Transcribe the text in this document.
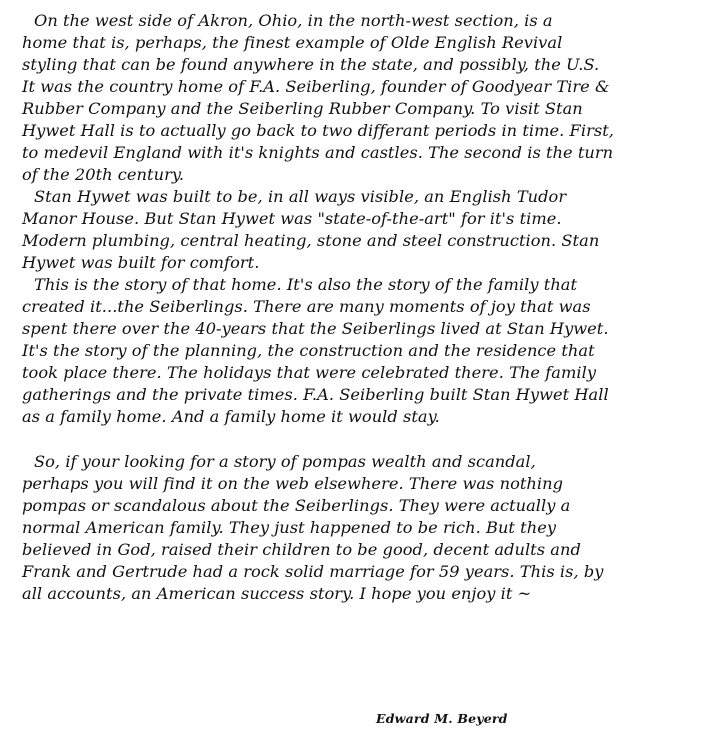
On the west side of Akron, Ohio, in the north-west section, is a
home that is, perhaps, the finest example of Olde English Revival
styling that can be found anywhere in the state, and possibly, the U.S.
It was the country home of F.A. Seiberling, founder of Goodyear Tire &
Rubber Company and the Seiberling Rubber Company. To visit Stan
Hywet Hall is to actually go back to two differant periods in time. First,
to medevil England with it's knights and castles. The second is the turn
of the 20th century.
Stan Hywet was built to be, in all ways visible, an English Tudor
Manor House. But Stan Hywet was "state-of-the-art" for it's time.
Modern plumbing, central heating, stone and steel construction. Stan
Hywet was built for comfort.
This is the story of that home. It's also the story of the family that
created it...the Seiberlings. There are many moments of joy that was
spent there over the 40-years that the Seiberlings lived at Stan Hywet.
It's the story of the planning, the construction and the residence that
took place there. The holidays that were celebrated there. The family
gatherings and the private times. F.A. Seiberling built Stan Hywet Hall
as a family home. And a family home it would stay.
So, if your looking for a story of pompas wealth and scandal,
perhaps you will find it on the web elsewhere. There was nothing
pompas or scandalous about the Seiberlings. They were actually a
normal American family. They just happened to be rich. But they
believed in God, raised their children to be good, decent adults and
Frank and Gertrude had a rock solid marriage for 59 years. This is, by
all accounts, an American success story. I hope you enjoy it ~
Edward M. Beyerd
